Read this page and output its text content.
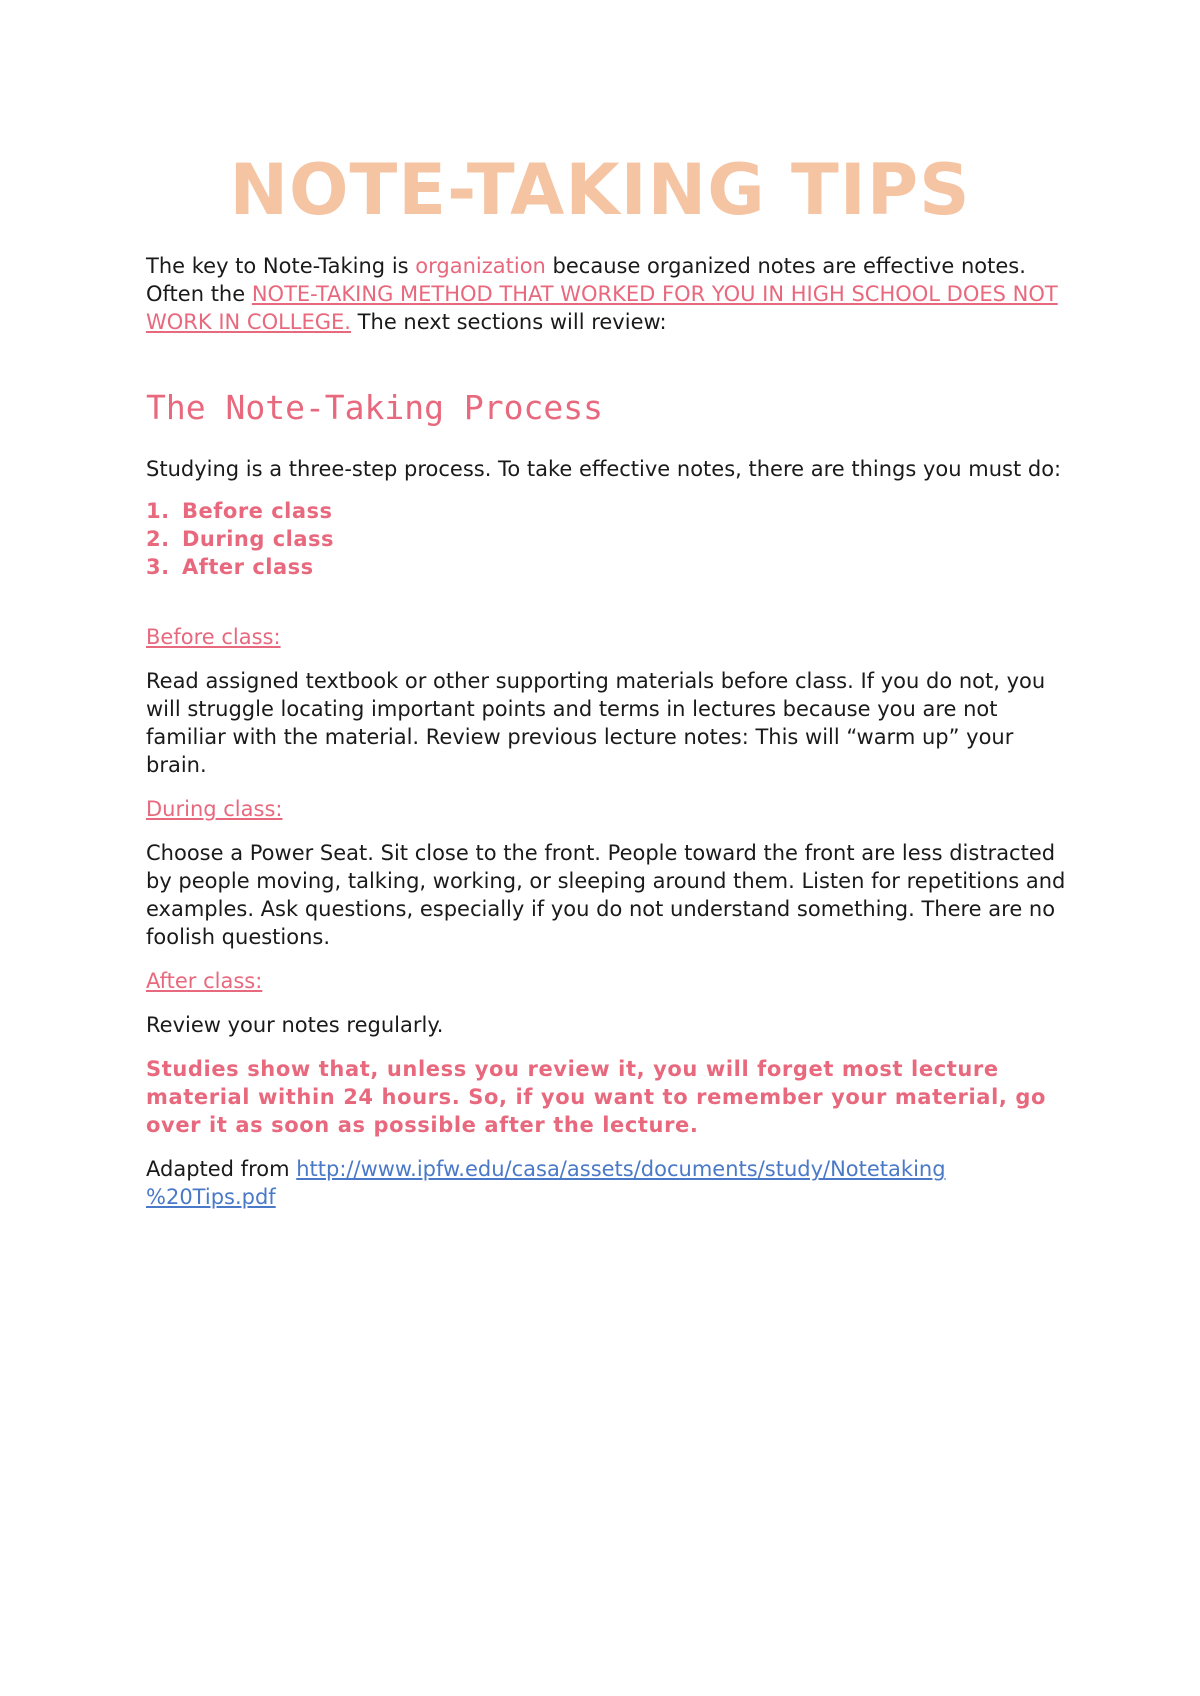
NOTE-TAKING TIPS

The key to Note-Taking is organization because organized notes are effective notes. Often the NOTE-TAKING METHOD THAT WORKED FOR YOU IN HIGH SCHOOL DOES NOT WORK IN COLLEGE. The next sections will review:

The Note-Taking Process

Studying is a three-step process. To take effective notes, there are things you must do:

1. Before class
2. During class
3. After class

Before class:

Read assigned textbook or other supporting materials before class. If you do not, you will struggle locating important points and terms in lectures because you are not familiar with the material. Review previous lecture notes: This will “warm up” your brain.

During class:

Choose a Power Seat. Sit close to the front. People toward the front are less distracted by people moving, talking, working, or sleeping around them. Listen for repetitions and examples. Ask questions, especially if you do not understand something. There are no foolish questions.

After class:

Review your notes regularly.

Studies show that, unless you review it, you will forget most lecture material within 24 hours. So, if you want to remember your material, go over it as soon as possible after the lecture.

Adapted from http://www.ipfw.edu/casa/assets/documents/study/Notetaking
%20Tips.pdf
